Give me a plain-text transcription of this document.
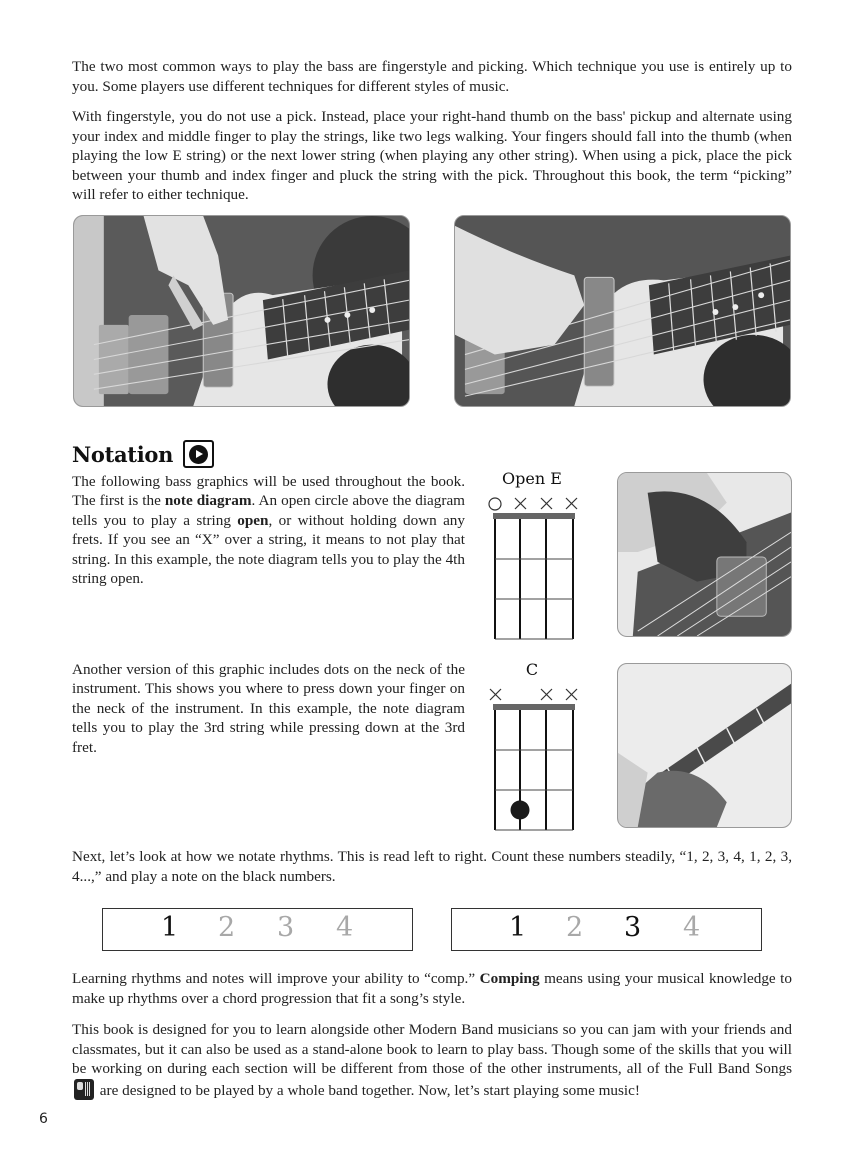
The two most common ways to play the bass are fingerstyle and picking. Which technique you use is entirely up to you. Some players use different techniques for different styles of music.

With fingerstyle, you do not use a pick. Instead, place your right-hand thumb on the bass' pickup and alternate using your index and middle finger to play the strings, like two legs walking. Your fingers should fall into the thumb (when playing the low E string) or the next lower string (when playing any other string). When using a pick, place the pick between your thumb and index finger and pluck the string with the pick. Throughout this book, the term “picking” will refer to either technique.

Notation

The following bass graphics will be used throughout the book. The first is the note diagram. An open circle above the diagram tells you to play a string open, or without holding down any frets. If you see an “X” over a string, it means to not play that string. In this example, the note diagram tells you to play the 4th string open.

Another version of this graphic includes dots on the neck of the instrument. This shows you where to press down your finger on the neck of the instrument. In this example, the note diagram tells you to play the 3rd string while pressing down at the 3rd fret.

Open E
C

Next, let’s look at how we notate rhythms. This is read left to right. Count these numbers steadily, “1, 2, 3, 4, 1, 2, 3, 4...,” and play a note on the black numbers.

1 2 3 4	1 2 3 4

Learning rhythms and notes will improve your ability to “comp.” Comping means using your musical knowledge to make up rhythms over a chord progression that fit a song’s style.

This book is designed for you to learn alongside other Modern Band musicians so you can jam with your friends and classmates, but it can also be used as a stand-alone book to learn to play bass. Though some of the skills that you will be working on during each section will be different from those of the other instruments, all of the Full Band Songs  are designed to be played by a whole band together. Now, let’s start playing some music!

6
